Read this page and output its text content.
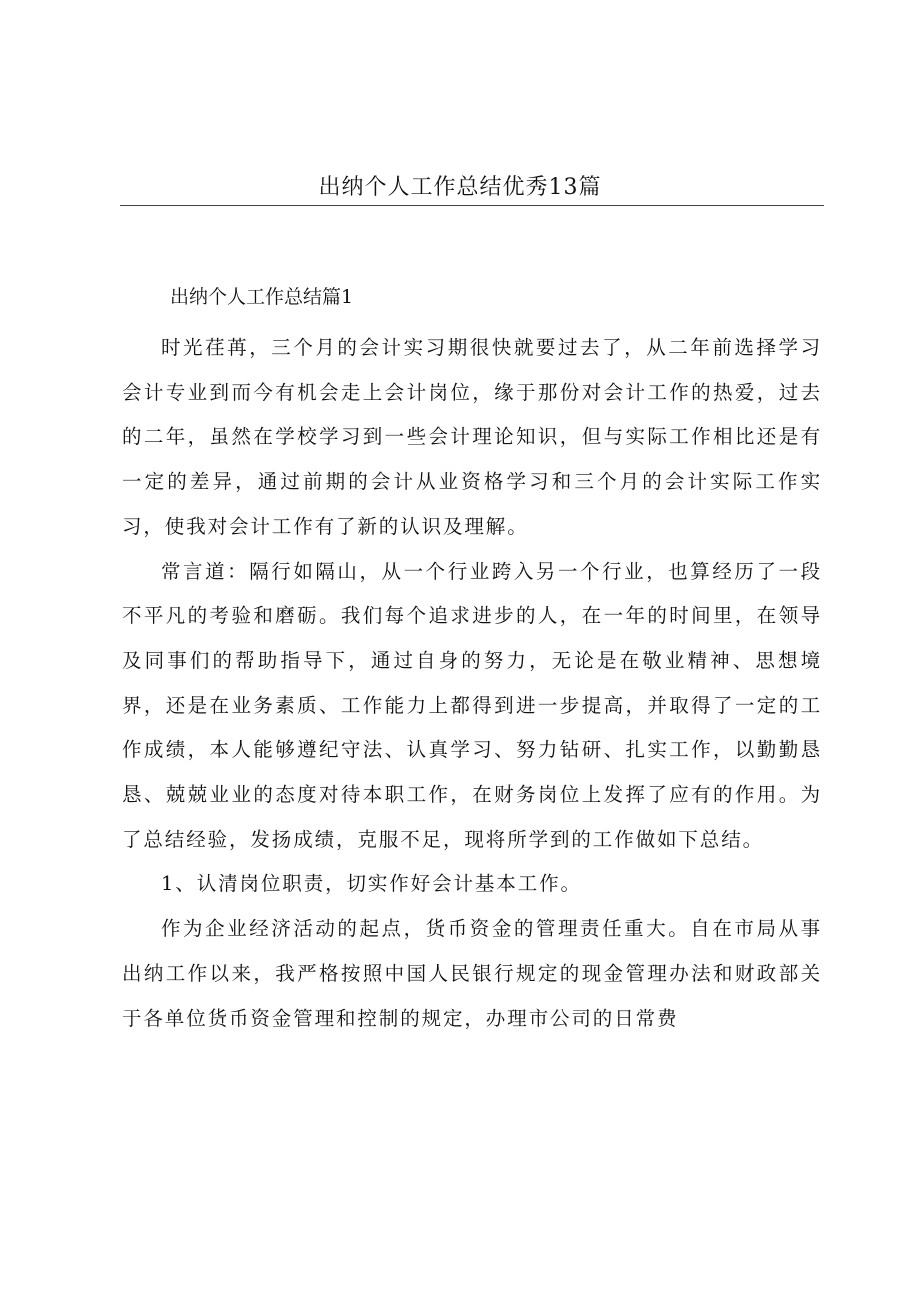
出纳个人工作总结优秀13篇
出纳个人工作总结篇1

时光荏苒，三个月的会计实习期很快就要过去了，从二年前选择学习会计专业到而今有机会走上会计岗位，缘于那份对会计工作的热爱，过去的二年，虽然在学校学习到一些会计理论知识，但与实际工作相比还是有一定的差异，通过前期的会计从业资格学习和三个月的会计实际工作实习，使我对会计工作有了新的认识及理解。

常言道：隔行如隔山，从一个行业跨入另一个行业，也算经历了一段不平凡的考验和磨砺。我们每个追求进步的人，在一年的时间里，在领导及同事们的帮助指导下，通过自身的努力，无论是在敬业精神、思想境界，还是在业务素质、工作能力上都得到进一步提高，并取得了一定的工作成绩，本人能够遵纪守法、认真学习、努力钻研、扎实工作，以勤勤恳恳、兢兢业业的态度对待本职工作，在财务岗位上发挥了应有的作用。为了总结经验，发扬成绩，克服不足，现将所学到的工作做如下总结。

1、认清岗位职责，切实作好会计基本工作。

作为企业经济活动的起点，货币资金的管理责任重大。自在市局从事出纳工作以来，我严格按照中国人民银行规定的现金管理办法和财政部关于各单位货币资金管理和控制的规定，办理市公司的日常费
